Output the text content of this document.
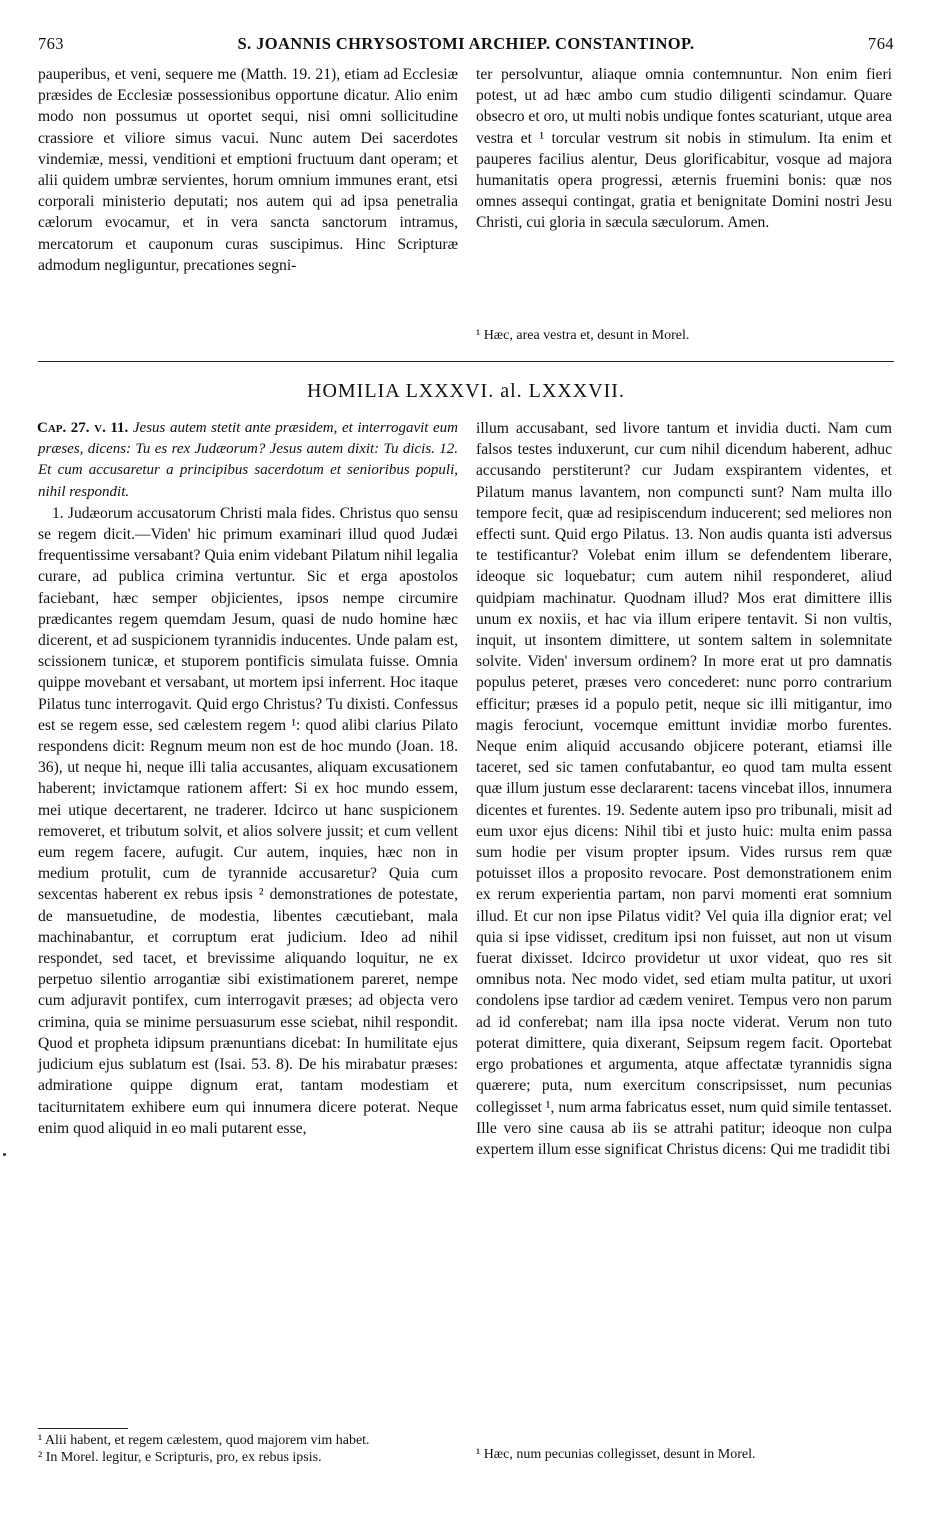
763	S. JOANNIS CHRYSOSTOMI ARCHIEP. CONSTANTINOP.	764

pauperibus, et veni, sequere me (Matth. 19. 21), etiam ad Ecclesiæ præsides de Ecclesiæ possessionibus opportune dicatur. Alio enim modo non possumus ut oportet sequi, nisi omni sollicitudine crassiore et viliore simus vacui. Nunc autem Dei sacerdotes vindemiæ, messi, venditioni et emptioni fructuum dant operam; et alii quidem umbræ servientes, horum omnium immunes erant, etsi corporali ministerio deputati; nos autem qui ad ipsa penetralia cælorum evocamur, et in vera sancta sanctorum intramus, mercatorum et cauponum curas suscipimus. Hinc Scripturæ admodum negliguntur, precationes segni-

ter persolvuntur, aliaque omnia contemnuntur. Non enim fieri potest, ut ad hæc ambo cum studio diligenti scindamur. Quare obsecro et oro, ut multi nobis undique fontes scaturiant, utque area vestra et ¹ torcular vestrum sit nobis in stimulum. Ita enim et pauperes facilius alentur, Deus glorificabitur, vosque ad majora humanitatis opera progressi, æternis fruemini bonis: quæ nos omnes assequi contingat, gratia et benignitate Domini nostri Jesu Christi, cui gloria in sæcula sæculorum. Amen.

¹ Hæc, area vestra et, desunt in Morel.
HOMILIA LXXXVI. al. LXXXVII.

Cap. 27. v. 11. Jesus autem stetit ante præsidem, et interrogavit eum præses, dicens: Tu es rex Judæorum? Jesus autem dixit: Tu dicis. 12. Et cum accusaretur a principibus sacerdotum et senioribus populi, nihil respondit.

1. Judæorum accusatorum Christi mala fides. Christus quo sensu se regem dicit.—Viden' hic primum examinari illud quod Judæi frequentissime versabant? Quia enim videbant Pilatum nihil legalia curare, ad publica crimina vertuntur. Sic et erga apostolos faciebant, hæc semper objicientes, ipsos nempe circumire prædicantes regem quemdam Jesum, quasi de nudo homine hæc dicerent, et ad suspicionem tyrannidis inducentes. Unde palam est, scissionem tunicæ, et stuporem pontificis simulata fuisse. Omnia quippe movebant et versabant, ut mortem ipsi inferrent. Hoc itaque Pilatus tunc interrogavit. Quid ergo Christus? Tu dixisti. Confessus est se regem esse, sed cælestem regem ¹: quod alibi clarius Pilato respondens dicit: Regnum meum non est de hoc mundo (Joan. 18. 36), ut neque hi, neque illi talia accusantes, aliquam excusationem haberent; invictamque rationem affert: Si ex hoc mundo essem, mei utique decertarent, ne traderer. Idcirco ut hanc suspicionem removeret, et tributum solvit, et alios solvere jussit; et cum vellent eum regem facere, aufugit. Cur autem, inquies, hæc non in medium protulit, cum de tyrannide accusaretur? Quia cum sexcentas haberent ex rebus ipsis ² demonstrationes de potestate, de mansuetudine, de modestia, libentes cæcutiebant, mala machinabantur, et corruptum erat judicium. Ideo ad nihil respondet, sed tacet, et brevissime aliquando loquitur, ne ex perpetuo silentio arrogantiæ sibi existimationem pareret, nempe cum adjuravit pontifex, cum interrogavit præses; ad objecta vero crimina, quia se minime persuasurum esse sciebat, nihil respondit. Quod et propheta idipsum prænuntians dicebat: In humilitate ejus judicium ejus sublatum est (Isai. 53. 8). De his mirabatur præses: admiratione quippe dignum erat, tantam modestiam et taciturnitatem exhibere eum qui innumera dicere poterat. Neque enim quod aliquid in eo mali putarent esse,

illum accusabant, sed livore tantum et invidia ducti. Nam cum falsos testes induxerunt, cur cum nihil dicendum haberent, adhuc accusando perstiterunt? cur Judam exspirantem videntes, et Pilatum manus lavantem, non compuncti sunt? Nam multa illo tempore fecit, quæ ad resipiscendum inducerent; sed meliores non effecti sunt. Quid ergo Pilatus. 13. Non audis quanta isti adversus te testificantur? Volebat enim illum se defendentem liberare, ideoque sic loquebatur; cum autem nihil responderet, aliud quidpiam machinatur. Quodnam illud? Mos erat dimittere illis unum ex noxiis, et hac via illum eripere tentavit. Si non vultis, inquit, ut insontem dimittere, ut sontem saltem in solemnitate solvite. Viden' inversum ordinem? In more erat ut pro damnatis populus peteret, præses vero concederet: nunc porro contrarium efficitur; præses id a populo petit, neque sic illi mitigantur, imo magis ferociunt, vocemque emittunt invidiæ morbo furentes. Neque enim aliquid accusando objicere poterant, etiamsi ille taceret, sed sic tamen confutabantur, eo quod tam multa essent quæ illum justum esse declararent: tacens vincebat illos, innumera dicentes et furentes. 19. Sedente autem ipso pro tribunali, misit ad eum uxor ejus dicens: Nihil tibi et justo huic: multa enim passa sum hodie per visum propter ipsum. Vides rursus rem quæ potuisset illos a proposito revocare. Post demonstrationem enim ex rerum experientia partam, non parvi momenti erat somnium illud. Et cur non ipse Pilatus vidit? Vel quia illa dignior erat; vel quia si ipse vidisset, creditum ipsi non fuisset, aut non ut visum fuerat dixisset. Idcirco providetur ut uxor videat, quo res sit omnibus nota. Nec modo videt, sed etiam multa patitur, ut uxori condolens ipse tardior ad cædem veniret. Tempus vero non parum ad id conferebat; nam illa ipsa nocte viderat. Verum non tuto poterat dimittere, quia dixerant, Seipsum regem facit. Oportebat ergo probationes et argumenta, atque affectatæ tyrannidis signa quærere; puta, num exercitum conscripsisset, num pecunias collegisset ¹, num arma fabricatus esset, num quid simile tentasset. Ille vero sine causa ab iis se attrahi patitur; ideoque non culpa expertem illum esse significat Christus dicens: Qui me tradidit tibi

¹ Alii habent, et regem cælestem, quod majorem vim habet.

² In Morel. legitur, e Scripturis, pro, ex rebus ipsis.	¹ Hæc, num pecunias collegisset, desunt in Morel.
